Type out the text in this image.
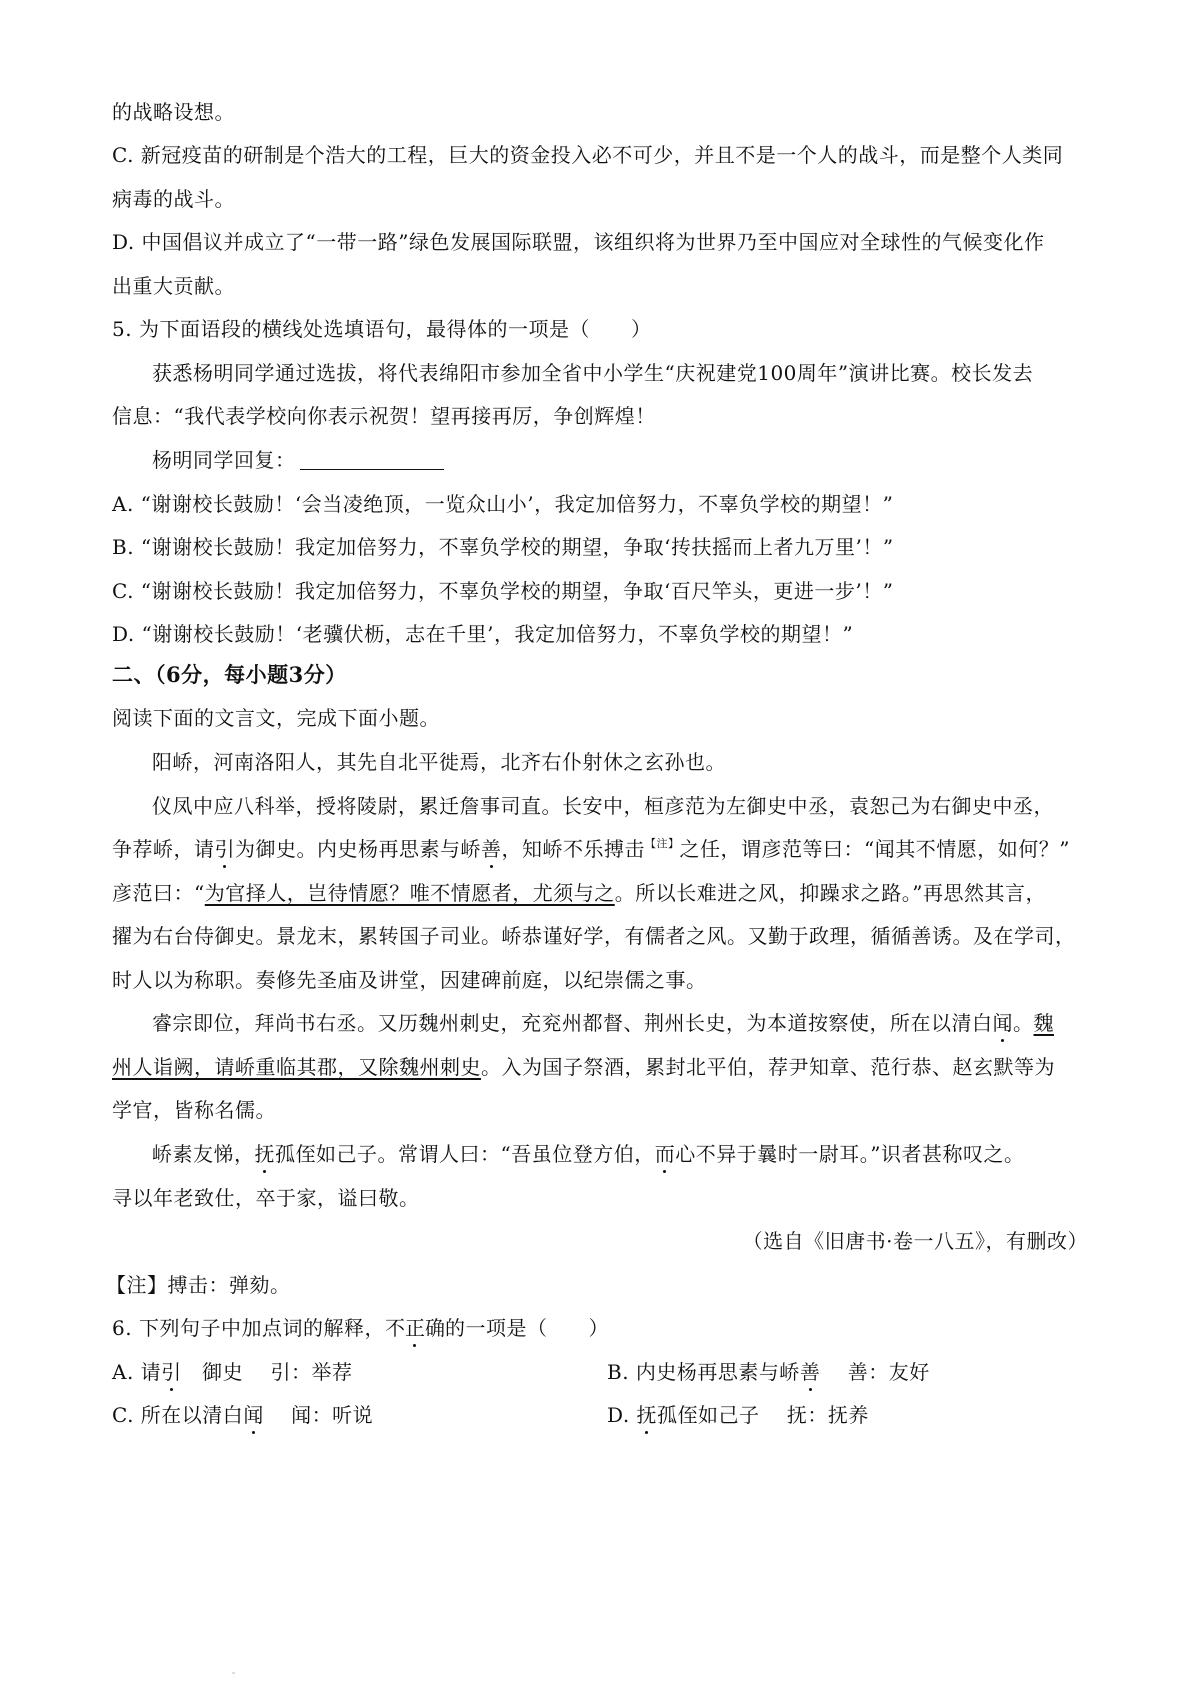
的战略设想。
C. 新冠疫苗的研制是个浩大的工程，巨大的资金投入必不可少，并且不是一个人的战斗，而是整个人类同
病毒的战斗。
D. 中国倡议并成立了“一带一路”绿色发展国际联盟，该组织将为世界乃至中国应对全球性的气候变化作
出重大贡献。
5. 为下面语段的横线处选填语句，最得体的一项是（　　）
获悉杨明同学通过选拔，将代表绵阳市参加全省中小学生“庆祝建党100周年”演讲比赛。校长发去
信息：“我代表学校向你表示祝贺！望再接再厉，争创辉煌！
杨明同学回复：
A. “谢谢校长鼓励！‘会当凌绝顶，一览众山小’，我定加倍努力，不辜负学校的期望！”
B. “谢谢校长鼓励！我定加倍努力，不辜负学校的期望，争取‘抟扶摇而上者九万里’！”
C. “谢谢校长鼓励！我定加倍努力，不辜负学校的期望，争取‘百尺竿头，更进一步’！”
D. “谢谢校长鼓励！‘老骥伏枥，志在千里’，我定加倍努力，不辜负学校的期望！”
二、（6分，每小题3分）
阅读下面的文言文，完成下面小题。
阳峤，河南洛阳人，其先自北平徙焉，北齐右仆射休之玄孙也。
仪凤中应八科举，授将陵尉，累迁詹事司直。长安中，桓彦范为左御史中丞，袁恕己为右御史中丞，
争荐峤，请引为御史。内史杨再思素与峤善，知峤不乐搏击$^{【注】}$之任，谓彦范等曰：“闻其不情愿，如何？”
彦范曰：“为官择人，岂待情愿？唯不情愿者，尤须与之。所以长难进之风，抑躁求之路。”再思然其言，
擢为右台侍御史。景龙末，累转国子司业。峤恭谨好学，有儒者之风。又勤于政理，循循善诱。及在学司，
时人以为称职。奏修先圣庙及讲堂，因建碑前庭，以纪崇儒之事。
睿宗即位，拜尚书右丞。又历魏州刺史，充兖州都督、荆州长史，为本道按察使，所在以清白闻。魏
州人诣阙，请峤重临其郡，又除魏州刺史。入为国子祭酒，累封北平伯，荐尹知章、范行恭、赵玄默等为
学官，皆称名儒。
峤素友悌，抚孤侄如己子。常谓人曰：“吾虽位登方伯，而心不异于曩时一尉耳。”识者甚称叹之。
寻以年老致仕，卒于家，谥曰敬。
（选自《旧唐书·卷一八五》，有删改）
【注】搏击：弹劾。
6. 下列句子中加点词的解释，不正确的一项是（　　）
A. 请引　御史　 引：举荐	B. 内史杨再思素与峤善　 善：友好
C. 所在以清白闻　 闻：听说	D. 抚孤侄如己子　 抚：抚养
